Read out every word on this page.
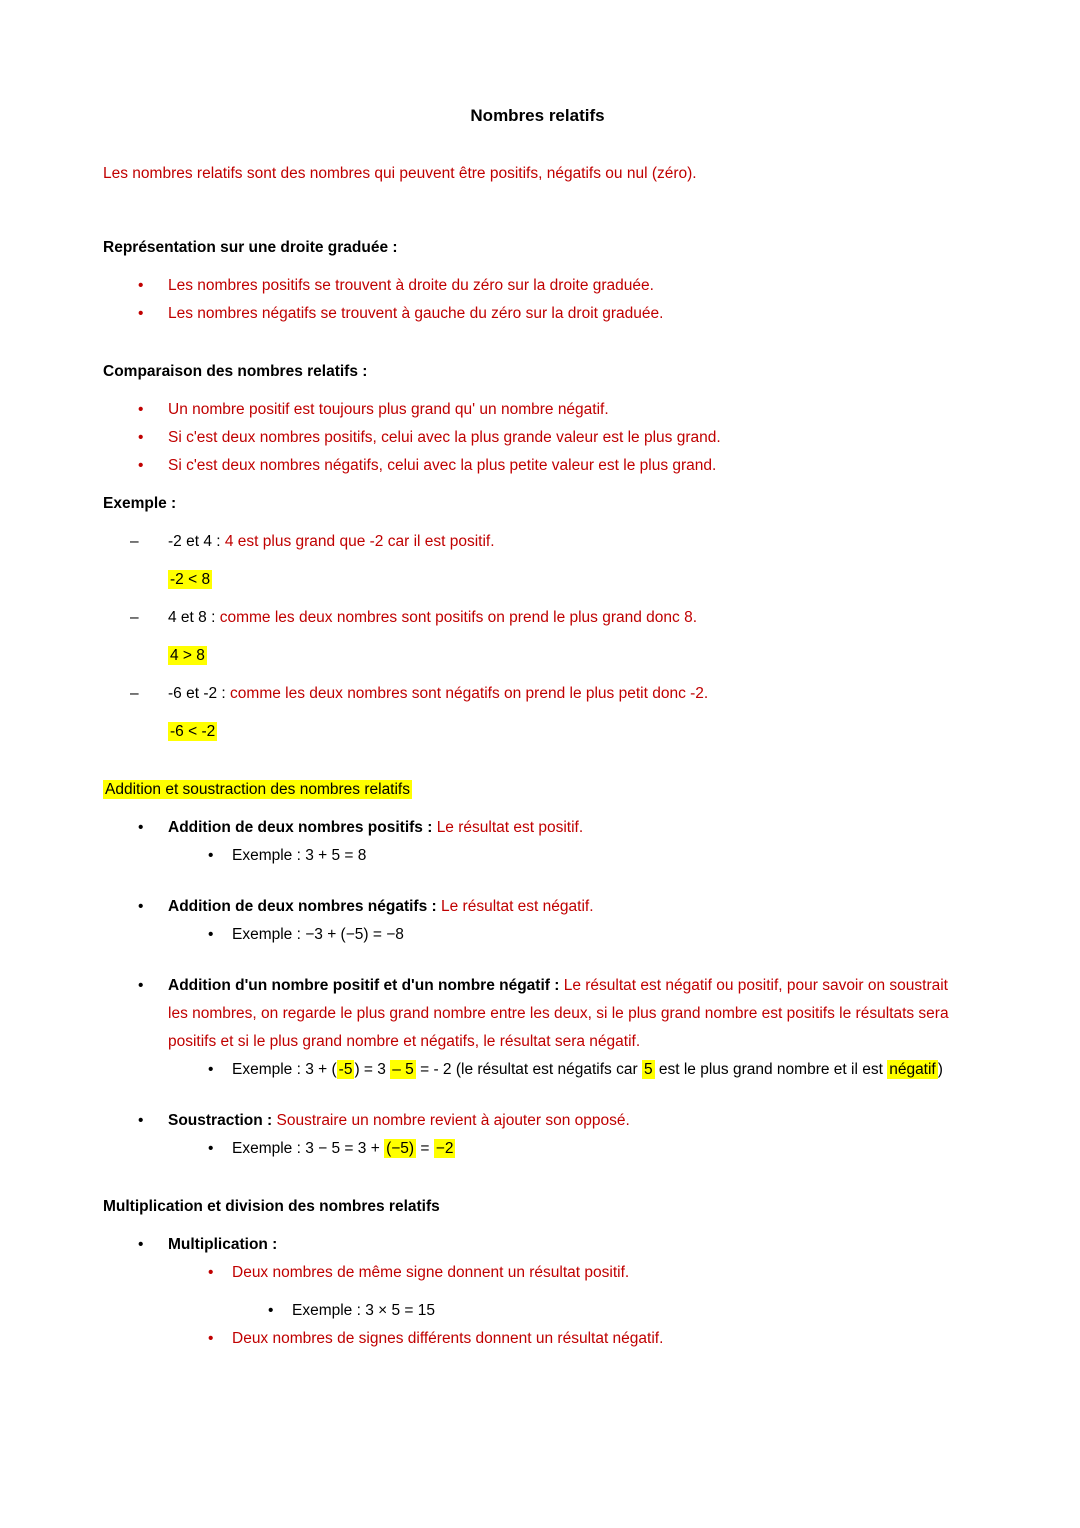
Nombres relatifs

Les nombres relatifs sont des nombres qui peuvent être positifs, négatifs ou nul (zéro).

Représentation sur une droite graduée :
•	Les nombres positifs se trouvent à droite du zéro sur la droite graduée.
•	Les nombres négatifs se trouvent à gauche du zéro sur la droit graduée.
Comparaison des nombres relatifs :
•	Un nombre positif est toujours plus grand qu' un nombre négatif.
•	Si c'est deux nombres positifs, celui avec la plus grande valeur est le plus grand.
•	Si c'est deux nombres négatifs, celui avec la plus petite valeur est le plus grand.
Exemple :
–	-2 et 4 : 4 est plus grand que -2 car il est positif.

-2 < 8

–	4 et 8 : comme les deux nombres sont positifs on prend le plus grand donc 8.

4 > 8

–	-6 et -2 : comme les deux nombres sont négatifs on prend le plus petit donc -2.

-6 < -2

Addition et soustraction des nombres relatifs
•	Addition de deux nombres positifs : Le résultat est positif.

•	Exemple : 3 + 5 = 8
•	Addition de deux nombres négatifs : Le résultat est négatif.

•	Exemple : −3 + (−5) = −8
•	Addition d'un nombre positif et d'un nombre négatif : Le résultat est négatif ou positif, pour savoir on soustrait les nombres, on regarde le plus grand nombre entre les deux, si le plus grand nombre est positifs le résultats sera positifs et si le plus grand nombre et négatifs, le résultat sera négatif.

•	Exemple : 3 + ( -5 ) = 3 – 5 = - 2 (le résultat est négatifs car 5 est le plus grand nombre et il est négatif )

•	Soustraction : Soustraire un nombre revient à ajouter son opposé.

•	Exemple : 3 − 5 = 3 + (−5) = −2

Multiplication et division des nombres relatifs
•	Multiplication :

•	Deux nombres de même signe donnent un résultat positif.

•	Exemple : 3 × 5 = 15
•	Deux nombres de signes différents donnent un résultat négatif.
